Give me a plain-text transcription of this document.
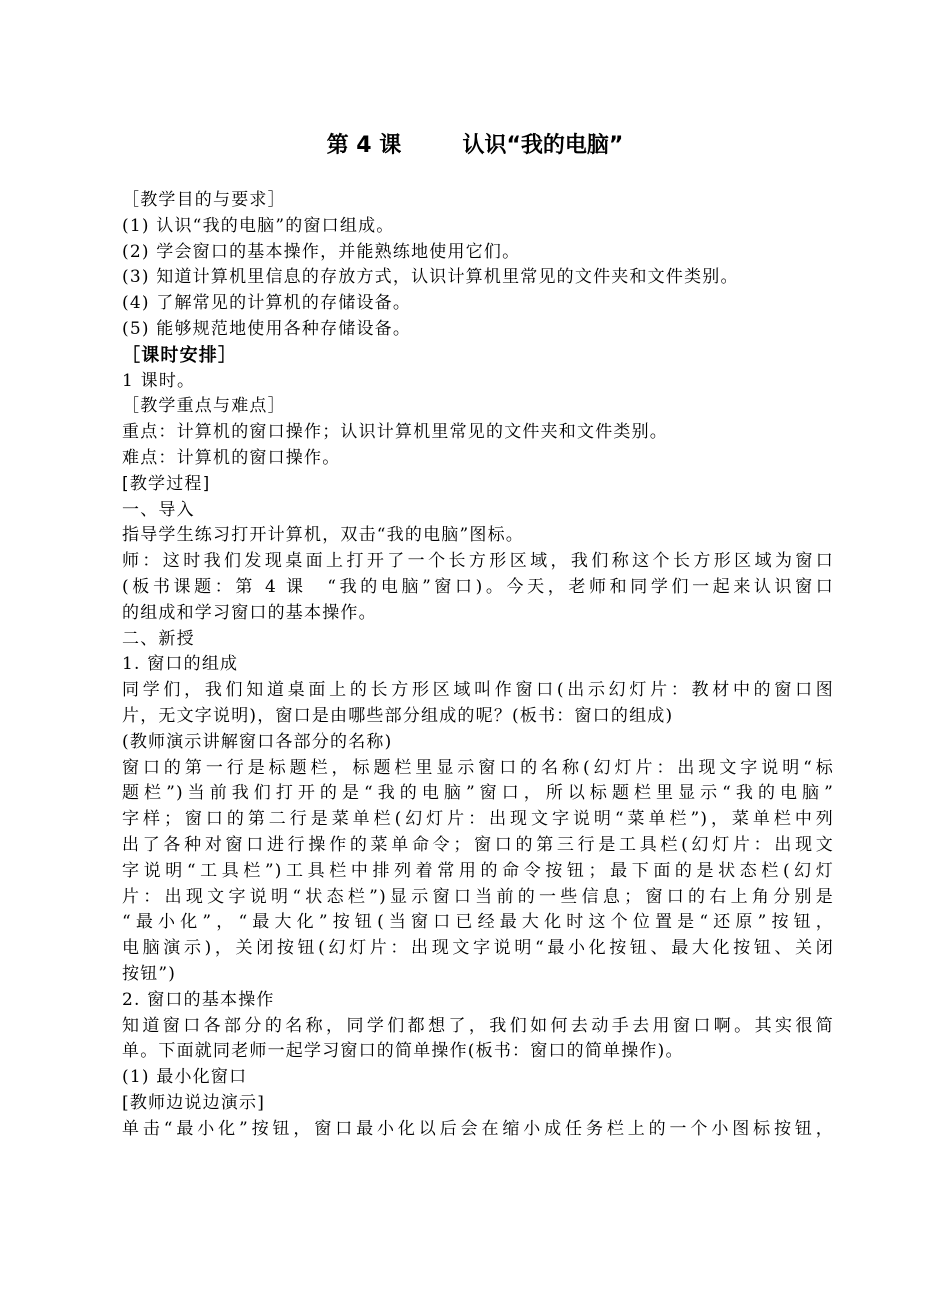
第 4 课        认识“我的电脑”
［教学目的与要求］
(1) 认识“我的电脑”的窗口组成。
(2) 学会窗口的基本操作，并能熟练地使用它们。
(3) 知道计算机里信息的存放方式，认识计算机里常见的文件夹和文件类别。
(4) 了解常见的计算机的存储设备。
(5) 能够规范地使用各种存储设备。
［课时安排］
1 课时。
［教学重点与难点］
重点：计算机的窗口操作；认识计算机里常见的文件夹和文件类别。
难点：计算机的窗口操作。
[教学过程]
一、导入
指导学生练习打开计算机，双击“我的电脑”图标。
师：这时我们发现桌面上打开了一个长方形区域，我们称这个长方形区域为窗口
(板书课题：第 4 课　“我的电脑”窗口)。今天，老师和同学们一起来认识窗口
的组成和学习窗口的基本操作。
二、新授
1. 窗口的组成
同学们，我们知道桌面上的长方形区域叫作窗口(出示幻灯片：教材中的窗口图
片，无文字说明)，窗口是由哪些部分组成的呢？(板书：窗口的组成)
(教师演示讲解窗口各部分的名称)
窗口的第一行是标题栏，标题栏里显示窗口的名称(幻灯片：出现文字说明“标
题栏”)当前我们打开的是“我的电脑”窗口，所以标题栏里显示“我的电脑”
字样；窗口的第二行是菜单栏(幻灯片：出现文字说明“菜单栏”)，菜单栏中列
出了各种对窗口进行操作的菜单命令；窗口的第三行是工具栏(幻灯片：出现文
字说明“工具栏”)工具栏中排列着常用的命令按钮；最下面的是状态栏(幻灯
片：出现文字说明“状态栏”)显示窗口当前的一些信息；窗口的右上角分别是
“最小化”，“最大化”按钮(当窗口已经最大化时这个位置是“还原”按钮，
电脑演示)，关闭按钮(幻灯片：出现文字说明“最小化按钮、最大化按钮、关闭
按钮”)
2. 窗口的基本操作
知道窗口各部分的名称，同学们都想了，我们如何去动手去用窗口啊。其实很简
单。下面就同老师一起学习窗口的简单操作(板书：窗口的简单操作)。
(1) 最小化窗口
[教师边说边演示]
单击“最小化”按钮，窗口最小化以后会在缩小成任务栏上的一个小图标按钮，
